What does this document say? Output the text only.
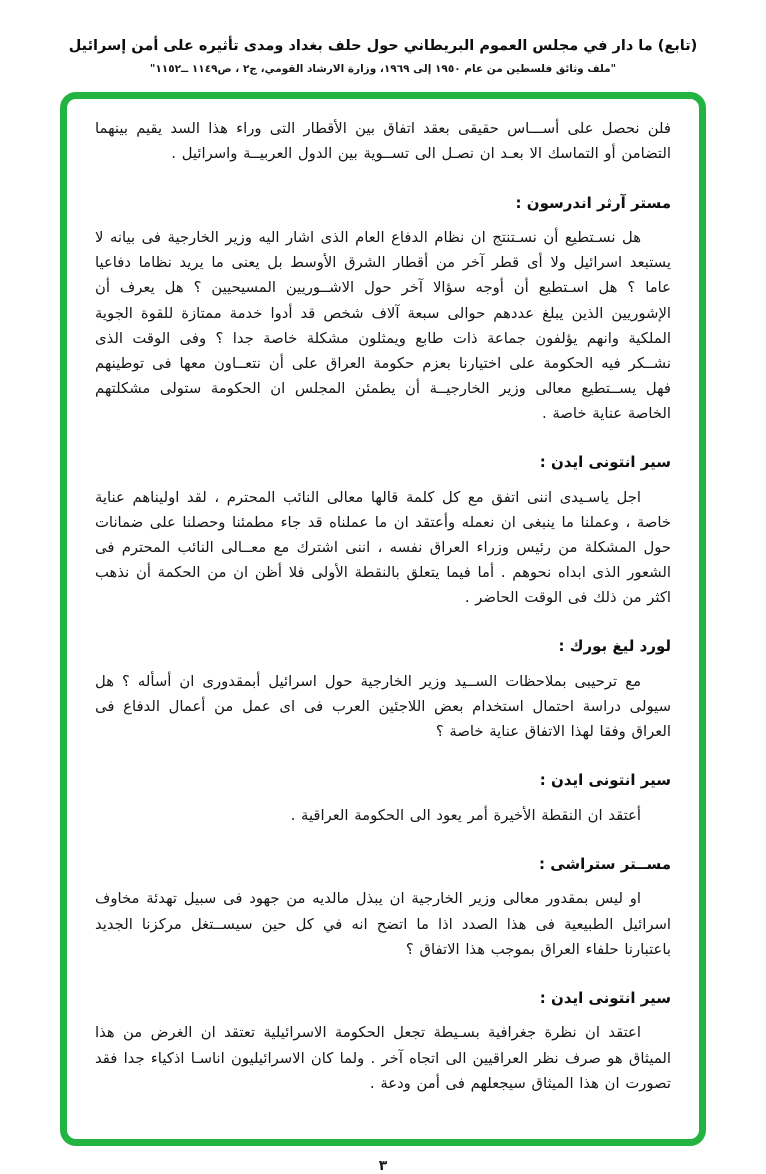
(تابع) ما دار في مجلس العموم البريطاني حول حلف بغداد ومدى تأثيره على أمن إسرائيل
"ملف وثائق فلسطين من عام ١٩٥٠ إلى ١٩٦٩، وزارة الارشاد القومي، ج٢ ، ص١١٤٩ ــ١١٥٢"

فلن نحصل على أســـاس حقيقى بعقد اتفاق بين الأقطار التى وراء هذا السد يقيم بينهما التضامن أو التماسك الا بعـد ان نصـل الى تســوية بين الدول العربيــة واسرائيل .

مستر آرثر اندرسون :

هل نسـتطيع أن نسـتنتج ان نظام الدفاع العام الذى اشار اليه وزير الخارجية فى بيانه لا يستبعد اسرائيل ولا أى قطر آخر من أقطار الشرق الأوسط بل يعنى ما يريد نظاما دفاعيا عاما ؟ هل اسـتطيع أن أوجه سؤالا آخر حول الاشــوريين المسيحيين ؟ هل يعرف أن الإشوريين الذين يبلغ عددهم حوالى سبعة آلاف شخص قد أدوا خدمة ممتازة للقوة الجوية الملكية وانهم يؤلفون جماعة ذات طابع ويمثلون مشكلة خاصة جدا ؟ وفى الوقت الذى نشــكر فيه الحكومة على اختيارنا بعزم حكومة العراق على أن نتعــاون معها فى توطينهم فهل يســتطيع معالى وزير الخارجيــة أن يطمئن المجلس ان الحكومة ستولى مشكلتهم الخاصة عناية خاصة .

سير انتونى ايدن :

اجل ياسـيدى اننى اتفق مع كل كلمة قالها معالى النائب المحترم ، لقد اوليناهم عناية خاصة ، وعملنا ما ينبغى ان نعمله وأعتقد ان ما عملناه قد جاء مطمئنا وحصلنا على ضمانات حول المشكلة من رئيس وزراء العراق نفسه ، اننى اشترك مع معــالى النائب المحترم فى الشعور الذى ابداه نحوهم . أما فيما يتعلق بالنقطة الأولى فلا أظن ان من الحكمة أن نذهب اكثر من ذلك فى الوقت الحاضر .

لورد ليغ بورك :

مع ترحيبى بملاحظات الســيد وزير الخارجية حول اسرائيل أبمقدورى ان أسأله ؟ هل سيولى دراسة احتمال استخدام بعض اللاجئين العرب فى اى عمل من أعمال الدفاع فى العراق وفقا لهذا الاتفاق عناية خاصة ؟

سير انتونى ايدن :

أعتقد ان النقطة الأخيرة أمر يعود الى الحكومة العراقية .

مســتر ستراشى :

او ليس بمقدور معالى وزير الخارجية ان يبذل مالديه من جهود فى سبيل تهدئة مخاوف اسرائيل الطبيعية فى هذا الصدد اذا ما اتضح انه في كل حين سيســتغل مركزنا الجديد باعتبارنا حلفاء العراق بموجب هذا الاتفاق ؟

سير انتونى ايدن :

اعتقد ان نظرة جغرافية بسـيطة تجعل الحكومة الاسرائيلية تعتقد ان الغرض من هذا الميثاق هو صرف نظر العراقيين الى اتجاه آخر . ولما كان الاسرائيليون اناسـا اذكياء جدا فقد تصورت ان هذا الميثاق سيجعلهم فى أمن ودعة .

٣
